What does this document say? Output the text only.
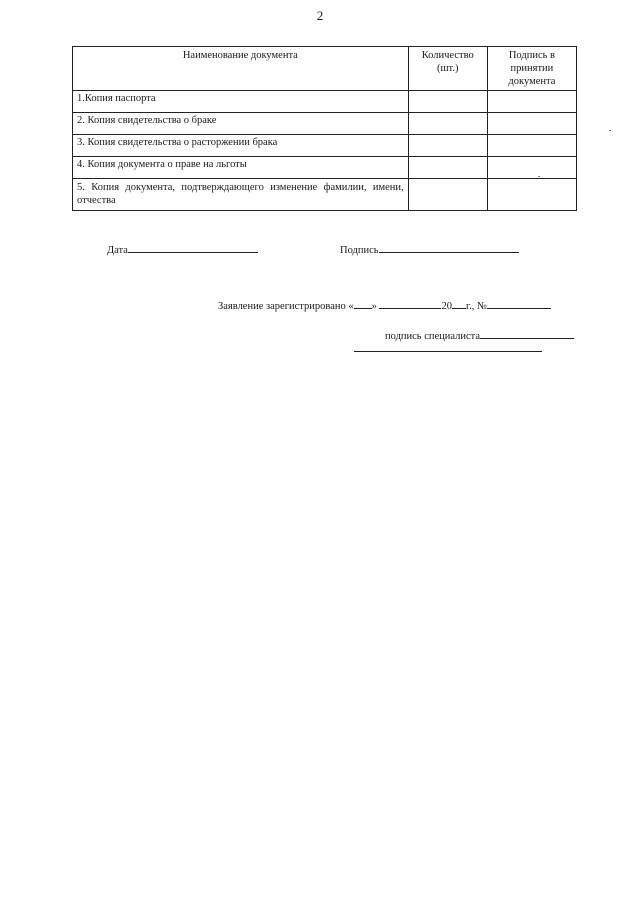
2
Наименование документа	Количество (шт.)	Подпись в принятии документа
1.Копия паспорта		
2. Копия свидетельства о браке		
3. Копия свидетельства о расторжении брака		
4. Копия документа о праве на льготы		
5. Копия документа, подтверждающего изменение фамилии, имени, отчества		
Дата	Подпись
Заявление зарегистрировано « »	20 г., №
подпись специалиста
